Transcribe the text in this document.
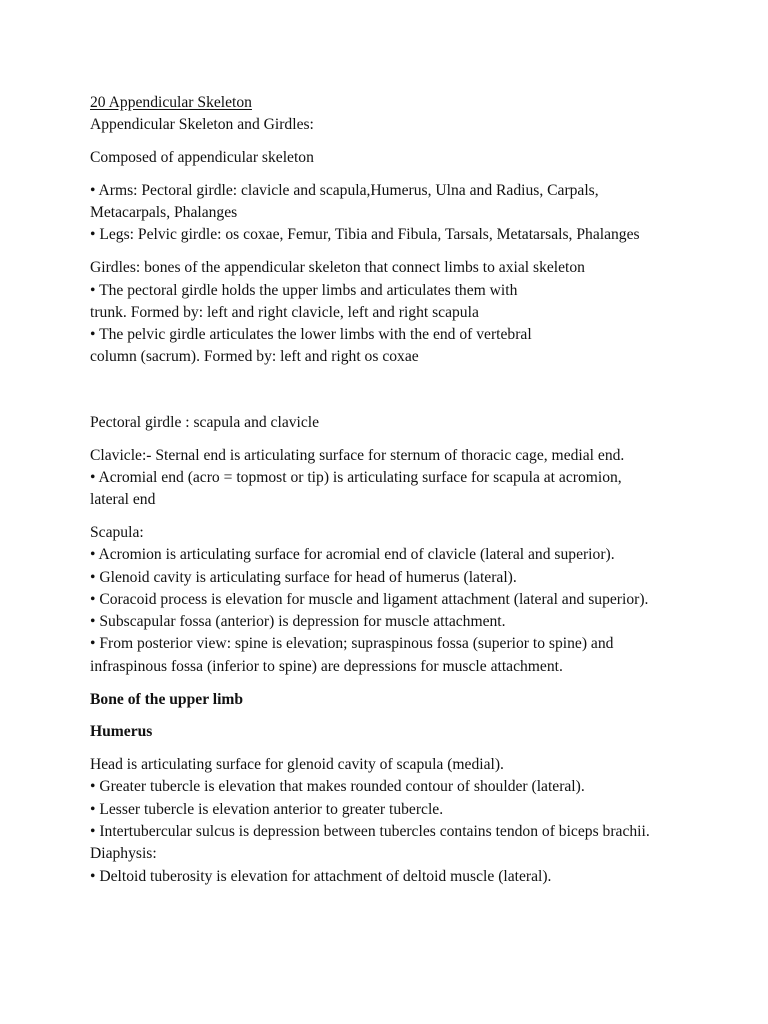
20 Appendicular Skeleton
Appendicular Skeleton and Girdles:
Composed of appendicular skeleton
• Arms: Pectoral girdle: clavicle and scapula,Humerus, Ulna and Radius, Carpals,
Metacarpals, Phalanges
• Legs: Pelvic girdle: os coxae, Femur, Tibia and Fibula, Tarsals, Metatarsals, Phalanges
Girdles: bones of the appendicular skeleton that connect limbs to axial skeleton
• The pectoral girdle holds the upper limbs and articulates them with
trunk. Formed by: left and right clavicle, left and right scapula
• The pelvic girdle articulates the lower limbs with the end of vertebral
column (sacrum). Formed by: left and right os coxae
Pectoral girdle : scapula and clavicle
Clavicle:- Sternal end is articulating surface for sternum of thoracic cage, medial end.
• Acromial end (acro = topmost or tip) is articulating surface for scapula at acromion,
lateral end
Scapula:
• Acromion is articulating surface for acromial end of clavicle (lateral and superior).
• Glenoid cavity is articulating surface for head of humerus (lateral).
• Coracoid process is elevation for muscle and ligament attachment (lateral and superior).
• Subscapular fossa (anterior) is depression for muscle attachment.
• From posterior view: spine is elevation; supraspinous fossa (superior to spine) and
infraspinous fossa (inferior to spine) are depressions for muscle attachment.
Bone of the upper limb
Humerus
Head is articulating surface for glenoid cavity of scapula (medial).
• Greater tubercle is elevation that makes rounded contour of shoulder (lateral).
• Lesser tubercle is elevation anterior to greater tubercle.
• Intertubercular sulcus is depression between tubercles contains tendon of biceps brachii.
Diaphysis:
• Deltoid tuberosity is elevation for attachment of deltoid muscle (lateral).
